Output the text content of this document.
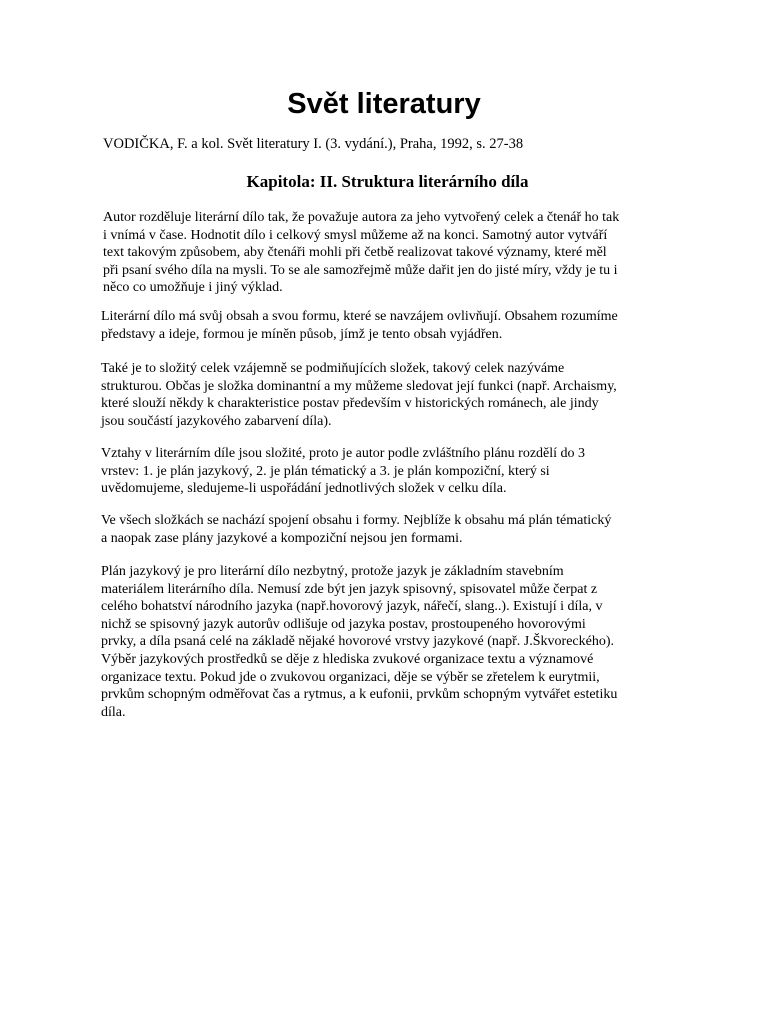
Svět literatury

VODIČKA, F. a kol. Svět literatury I. (3. vydání.), Praha, 1992, s. 27-38

Kapitola: II. Struktura literárního díla
Autor rozděluje literární dílo tak, že považuje autora za jeho vytvořený celek a čtenář ho tak
i vnímá v čase. Hodnotit dílo i celkový smysl můžeme až na konci. Samotný autor vytváří
text takovým způsobem, aby čtenáři mohli při četbě realizovat takové významy, které měl
při psaní svého díla na mysli. To se ale samozřejmě může dařit jen do jisté míry, vždy je tu i
něco co umožňuje i jiný výklad.
Literární dílo má svůj obsah a svou formu, které se navzájem ovlivňují. Obsahem rozumíme
představy a ideje, formou je míněn působ, jímž je tento obsah vyjádřen.
Také je to složitý celek vzájemně se podmiňujících složek, takový celek nazýváme
strukturou. Občas je složka dominantní a my můžeme sledovat její funkci (např. Archaismy,
které slouží někdy k charakteristice postav především v historických románech, ale jindy
jsou součástí jazykového zabarvení díla).
Vztahy v literárním díle jsou složité, proto je autor podle zvláštního plánu rozdělí do 3
vrstev: 1. je plán jazykový, 2. je plán tématický a 3. je plán kompoziční, který si
uvědomujeme, sledujeme-li uspořádání jednotlivých složek v celku díla.
Ve všech složkách se nachází spojení obsahu i formy. Nejblíže k obsahu má plán tématický
a naopak zase plány jazykové a kompoziční nejsou jen formami.
Plán jazykový je pro literární dílo nezbytný, protože jazyk je základním stavebním
materiálem literárního díla. Nemusí zde být jen jazyk spisovný, spisovatel může čerpat z
celého bohatství národního jazyka (např.hovorový jazyk, nářečí, slang..). Existují i díla, v
nichž se spisovný jazyk autorův odlišuje od jazyka postav, prostoupeného hovorovými
prvky, a díla psaná celé na základě nějaké hovorové vrstvy jazykové (např. J.Škvoreckého).
Výběr jazykových prostředků se děje z hlediska zvukové organizace textu a významové
organizace textu. Pokud jde o zvukovou organizaci, děje se výběr se zřetelem k eurytmii,
prvkům schopným odměřovat čas a rytmus, a k eufonii, prvkům schopným vytvářet estetiku
díla.
